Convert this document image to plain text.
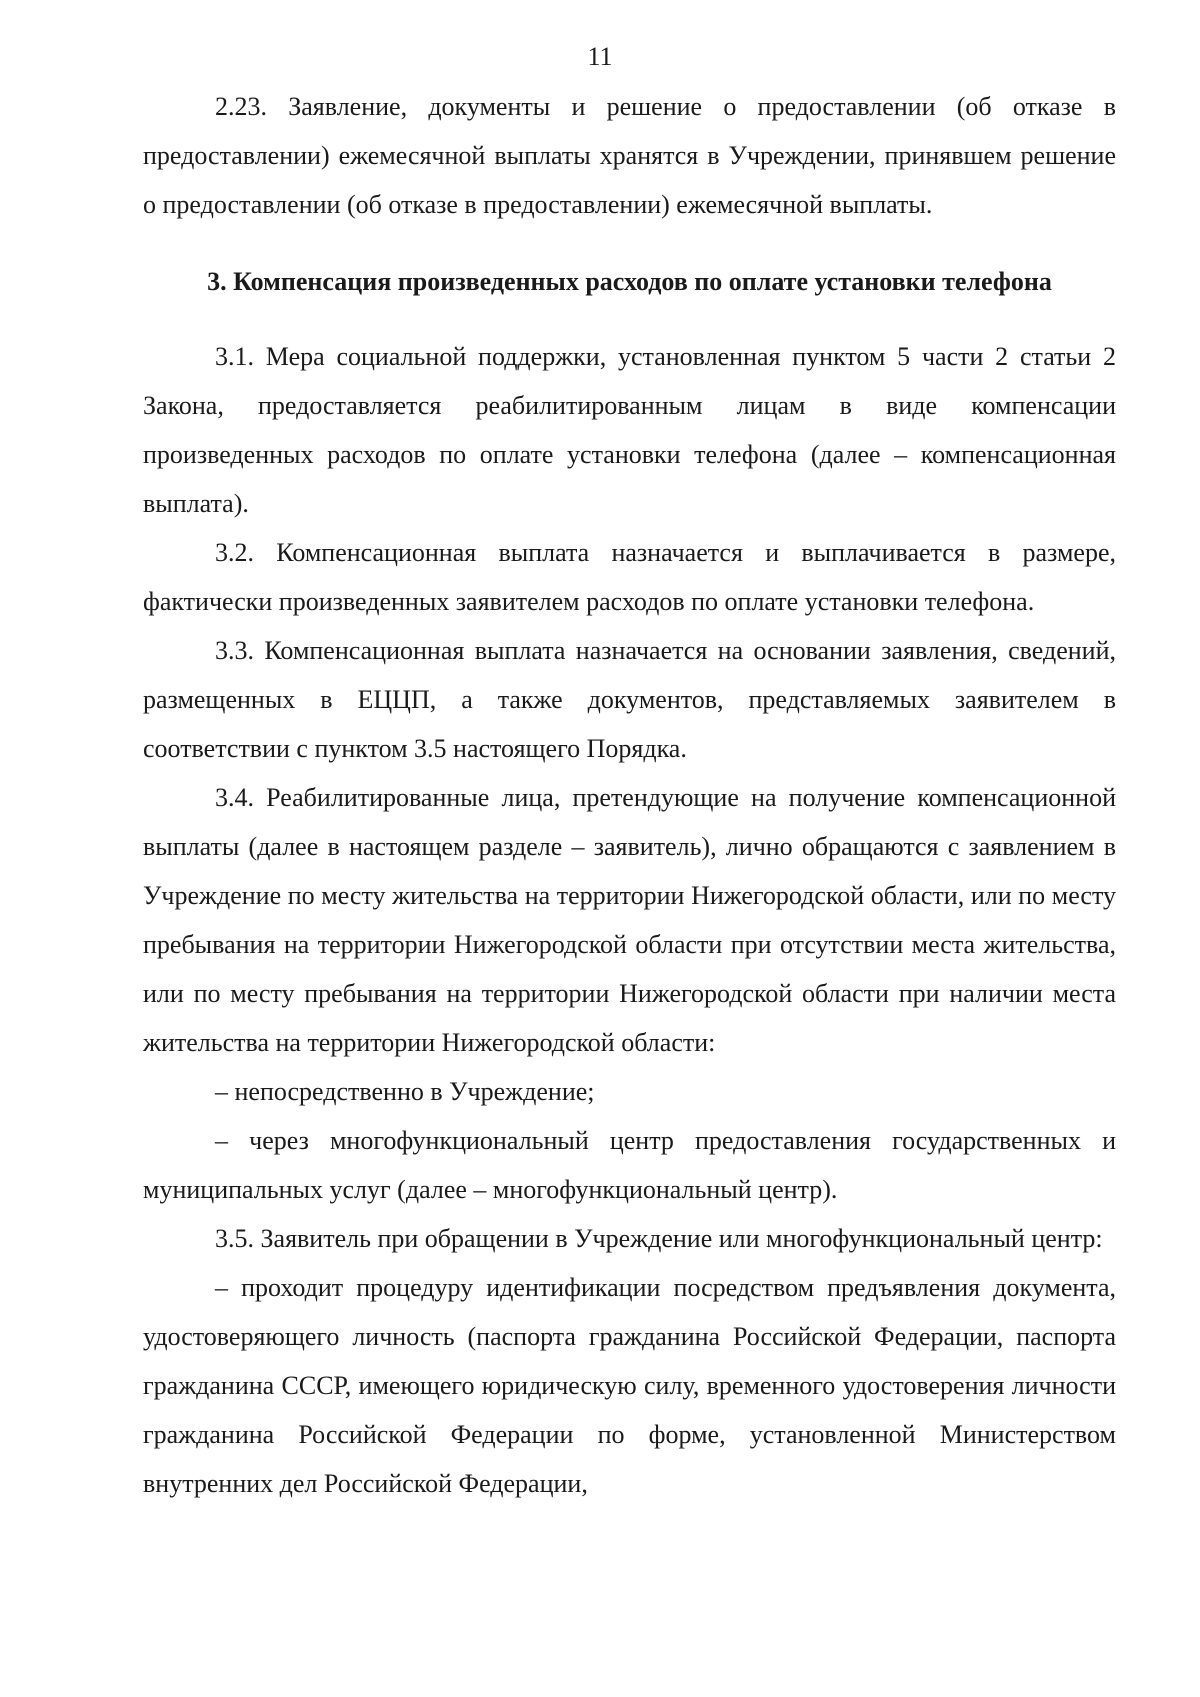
11

2.23. Заявление, документы и решение о предоставлении (об отказе в предоставлении) ежемесячной выплаты хранятся в Учреждении, принявшем решение о предоставлении (об отказе в предоставлении) ежемесячной выплаты.

3. Компенсация произведенных расходов по оплате установки телефона

3.1. Мера социальной поддержки, установленная пунктом 5 части 2 статьи 2 Закона, предоставляется реабилитированным лицам в виде компенсации произведенных расходов по оплате установки телефона (далее – компенсационная выплата).

3.2. Компенсационная выплата назначается и выплачивается в размере, фактически произведенных заявителем расходов по оплате установки телефона.

3.3. Компенсационная выплата назначается на основании заявления, сведений, размещенных в ЕЦЦП, а также документов, представляемых заявителем в соответствии с пунктом 3.5 настоящего Порядка.

3.4. Реабилитированные лица, претендующие на получение компенсационной выплаты (далее в настоящем разделе – заявитель), лично обращаются с заявлением в Учреждение по месту жительства на территории Нижегородской области, или по месту пребывания на территории Нижегородской области при отсутствии места жительства, или по месту пребывания на территории Нижегородской области при наличии места жительства на территории Нижегородской области:

– непосредственно в Учреждение;

– через многофункциональный центр предоставления государственных и муниципальных услуг (далее – многофункциональный центр).

3.5. Заявитель при обращении в Учреждение или многофункциональный центр:

– проходит процедуру идентификации посредством предъявления документа, удостоверяющего личность (паспорта гражданина Российской Федерации, паспорта гражданина СССР, имеющего юридическую силу, временного удостоверения личности гражданина Российской Федерации по форме, установленной Министерством внутренних дел Российской Федерации,
